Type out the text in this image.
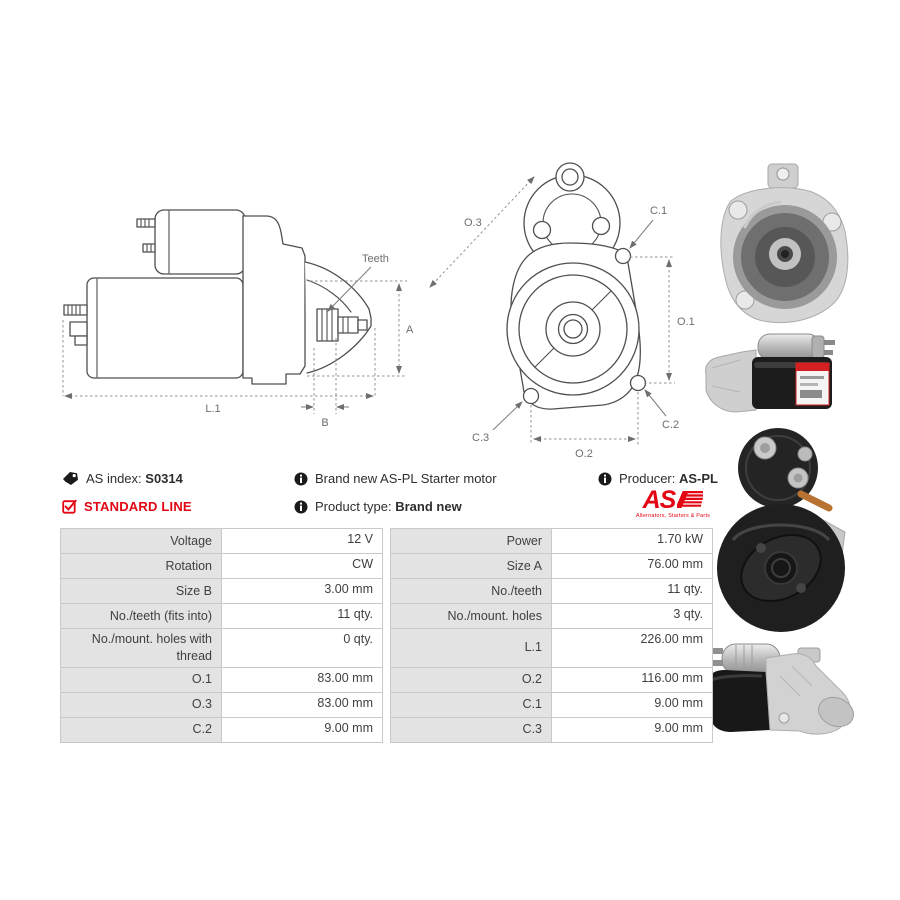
A
L.1
B
Teeth
O.3
C.1
O.1
C.2
C.3
O.2
AS index: S0314
STANDARD LINE
Brand new AS-PL Starter motor
Product type: Brand new
Producer: AS-PL
AS
Alternators, Starters & Parts
Voltage	12 V		Power	1.70 kW
Rotation	CW		Size A	76.00 mm
Size B	3.00 mm		No./teeth	11 qty.
No./teeth (fits into)	11 qty.		No./mount. holes	3 qty.
No./mount. holes with thread	0 qty.		L.1	226.00 mm
O.1	83.00 mm		O.2	116.00 mm
O.3	83.00 mm		C.1	9.00 mm
C.2	9.00 mm		C.3	9.00 mm
